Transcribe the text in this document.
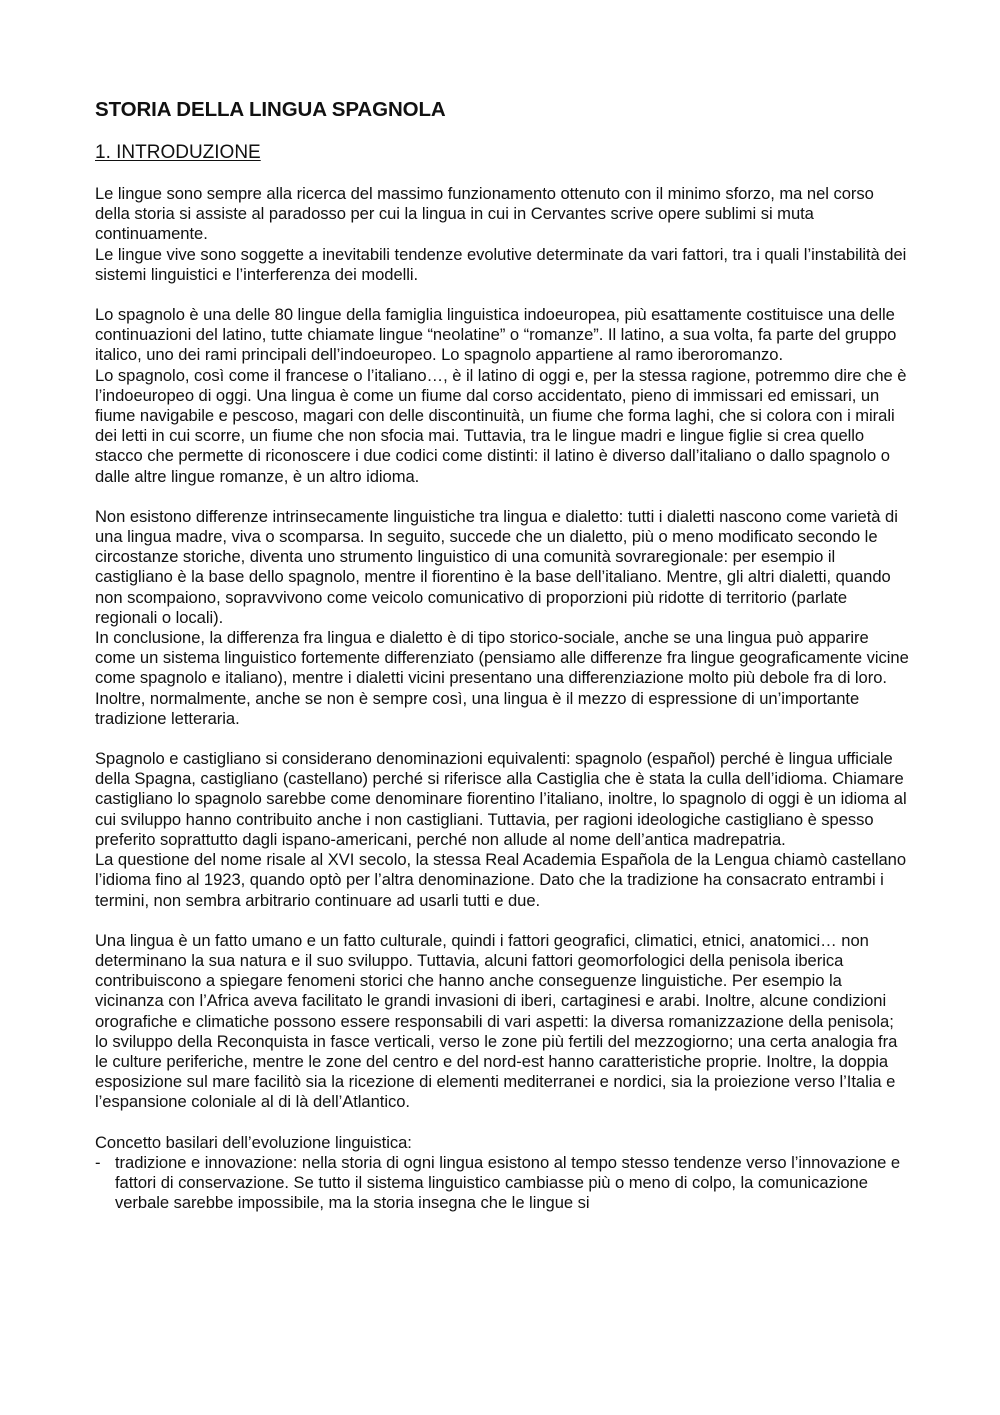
STORIA DELLA LINGUA SPAGNOLA
1. INTRODUZIONE

Le lingue sono sempre alla ricerca del massimo funzionamento ottenuto con il minimo sforzo, ma nel corso della storia si assiste al paradosso per cui la lingua in cui in Cervantes scrive opere sublimi si muta continuamente.

Le lingue vive sono soggette a inevitabili tendenze evolutive determinate da vari fattori, tra i quali l’instabilità dei sistemi linguistici e l’interferenza dei modelli.

Lo spagnolo è una delle 80 lingue della famiglia linguistica indoeuropea, più esattamente costituisce una delle continuazioni del latino, tutte chiamate lingue “neolatine” o “romanze”. Il latino, a sua volta, fa parte del gruppo italico, uno dei rami principali dell’indoeuropeo. Lo spagnolo appartiene al ramo iberoromanzo.

Lo spagnolo, così come il francese o l’italiano…, è il latino di oggi e, per la stessa ragione, potremmo dire che è l’indoeuropeo di oggi. Una lingua è come un fiume dal corso accidentato, pieno di immissari ed emissari, un fiume navigabile e pescoso, magari con delle discontinuità, un fiume che forma laghi, che si colora con i mirali dei letti in cui scorre, un fiume che non sfocia mai. Tuttavia, tra le lingue madri e lingue figlie si crea quello stacco che permette di riconoscere i due codici come distinti: il latino è diverso dall’italiano o dallo spagnolo o dalle altre lingue romanze, è un altro idioma.

Non esistono differenze intrinsecamente linguistiche tra lingua e dialetto: tutti i dialetti nascono come varietà di una lingua madre, viva o scomparsa. In seguito, succede che un dialetto, più o meno modificato secondo le circostanze storiche, diventa uno strumento linguistico di una comunità sovraregionale: per esempio il castigliano è la base dello spagnolo, mentre il fiorentino è la base dell’italiano. Mentre, gli altri dialetti, quando non scompaiono, sopravvivono come veicolo comunicativo di proporzioni più ridotte di territorio (parlate regionali o locali).

In conclusione, la differenza fra lingua e dialetto è di tipo storico-sociale, anche se una lingua può apparire come un sistema linguistico fortemente differenziato (pensiamo alle differenze fra lingue geograficamente vicine come spagnolo e italiano), mentre i dialetti vicini presentano una differenziazione molto più debole fra di loro. Inoltre, normalmente, anche se non è sempre così, una lingua è il mezzo di espressione di un’importante tradizione letteraria.

Spagnolo e castigliano si considerano denominazioni equivalenti: spagnolo (español) perché è lingua ufficiale della Spagna, castigliano (castellano) perché si riferisce alla Castiglia che è stata la culla dell’idioma. Chiamare castigliano lo spagnolo sarebbe come denominare fiorentino l’italiano, inoltre, lo spagnolo di oggi è un idioma al cui sviluppo hanno contribuito anche i non castigliani. Tuttavia, per ragioni ideologiche castigliano è spesso preferito soprattutto dagli ispano-americani, perché non allude al nome dell’antica madrepatria.

La questione del nome risale al XVI secolo, la stessa Real Academia Española de la Lengua chiamò castellano l’idioma fino al 1923, quando optò per l’altra denominazione. Dato che la tradizione ha consacrato entrambi i termini, non sembra arbitrario continuare ad usarli tutti e due.

Una lingua è un fatto umano e un fatto culturale, quindi i fattori geografici, climatici, etnici, anatomici… non determinano la sua natura e il suo sviluppo. Tuttavia, alcuni fattori geomorfologici della penisola iberica contribuiscono a spiegare fenomeni storici che hanno anche conseguenze linguistiche. Per esempio la vicinanza con l’Africa aveva facilitato le grandi invasioni di iberi, cartaginesi e arabi. Inoltre, alcune condizioni orografiche e climatiche possono essere responsabili di vari aspetti: la diversa romanizzazione della penisola; lo sviluppo della Reconquista in fasce verticali, verso le zone più fertili del mezzogiorno; una certa analogia fra le culture periferiche, mentre le zone del centro e del nord-est hanno caratteristiche proprie. Inoltre, la doppia esposizione sul mare facilitò sia la ricezione di elementi mediterranei e nordici, sia la proiezione verso l’Italia e l’espansione coloniale al di là dell’Atlantico.

Concetto basilari dell’evoluzione linguistica:

- tradizione e innovazione: nella storia di ogni lingua esistono al tempo stesso tendenze verso l’innovazione e fattori di conservazione. Se tutto il sistema linguistico cambiasse più o meno di colpo, la comunicazione verbale sarebbe impossibile, ma la storia insegna che le lingue si
